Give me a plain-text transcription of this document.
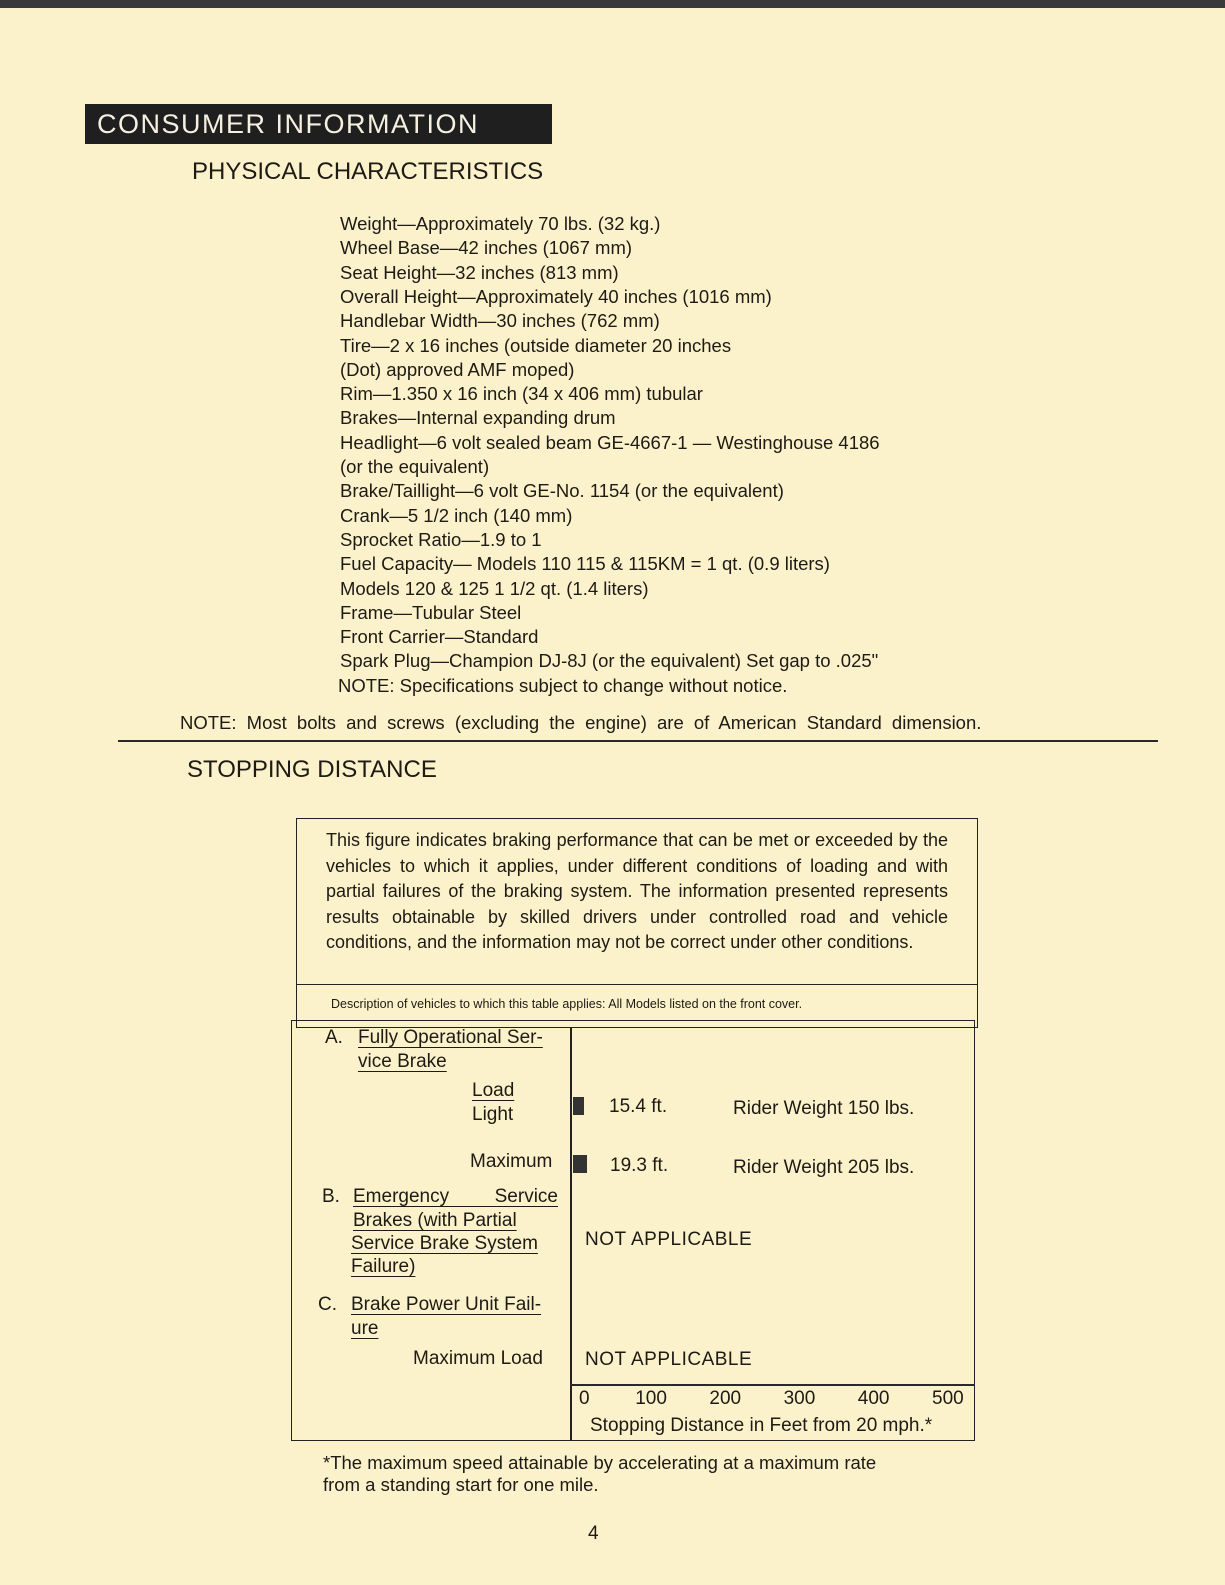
CONSUMER INFORMATION
PHYSICAL CHARACTERISTICS
Weight—Approximately 70 lbs. (32 kg.)
Wheel Base—42 inches (1067 mm)
Seat Height—32 inches (813 mm)
Overall Height—Approximately 40 inches (1016 mm)
Handlebar Width—30 inches (762 mm)
Tire—2 x 16 inches (outside diameter 20 inches
(Dot) approved AMF moped)
Rim—1.350 x 16 inch (34 x 406 mm) tubular
Brakes—Internal expanding drum
Headlight—6 volt sealed beam GE-4667-1 — Westinghouse 4186
(or the equivalent)
Brake/Taillight—6 volt GE-No. 1154 (or the equivalent)
Crank—5 1/2 inch (140 mm)
Sprocket Ratio—1.9 to 1
Fuel Capacity— Models 110 115 & 115KM = 1 qt. (0.9 liters)
Models 120 & 125 1 1/2 qt. (1.4 liters)
Frame—Tubular Steel
Front Carrier—Standard
Spark Plug—Champion DJ-8J (or the equivalent) Set gap to .025"
NOTE: Specifications subject to change without notice.
NOTE: Most bolts and screws (excluding the engine) are of American Standard dimension.
STOPPING DISTANCE
This figure indicates braking performance that can be met or exceeded by the vehicles to which it applies, under different conditions of loading and with partial failures of the braking system. The information presented represents results obtainable by skilled drivers under controlled road and vehicle conditions, and the information may not be correct under other conditions.
Description of vehicles to which this table applies: All Models listed on the front cover.
A. Fully Operational Ser-
vice Brake
Load
Light
Maximum
B. Emergency Service
Brakes (with Partial
Service Brake System
Failure)
C. Brake Power Unit Fail-
ure
Maximum Load
15.4 ft.	Rider Weight 150 lbs.
19.3 ft.	Rider Weight 205 lbs.
NOT APPLICABLE
NOT APPLICABLE
0 100 200 300 400 500
Stopping Distance in Feet from 20 mph.*
*The maximum speed attainable by accelerating at a maximum rate
from a standing start for one mile.
4
